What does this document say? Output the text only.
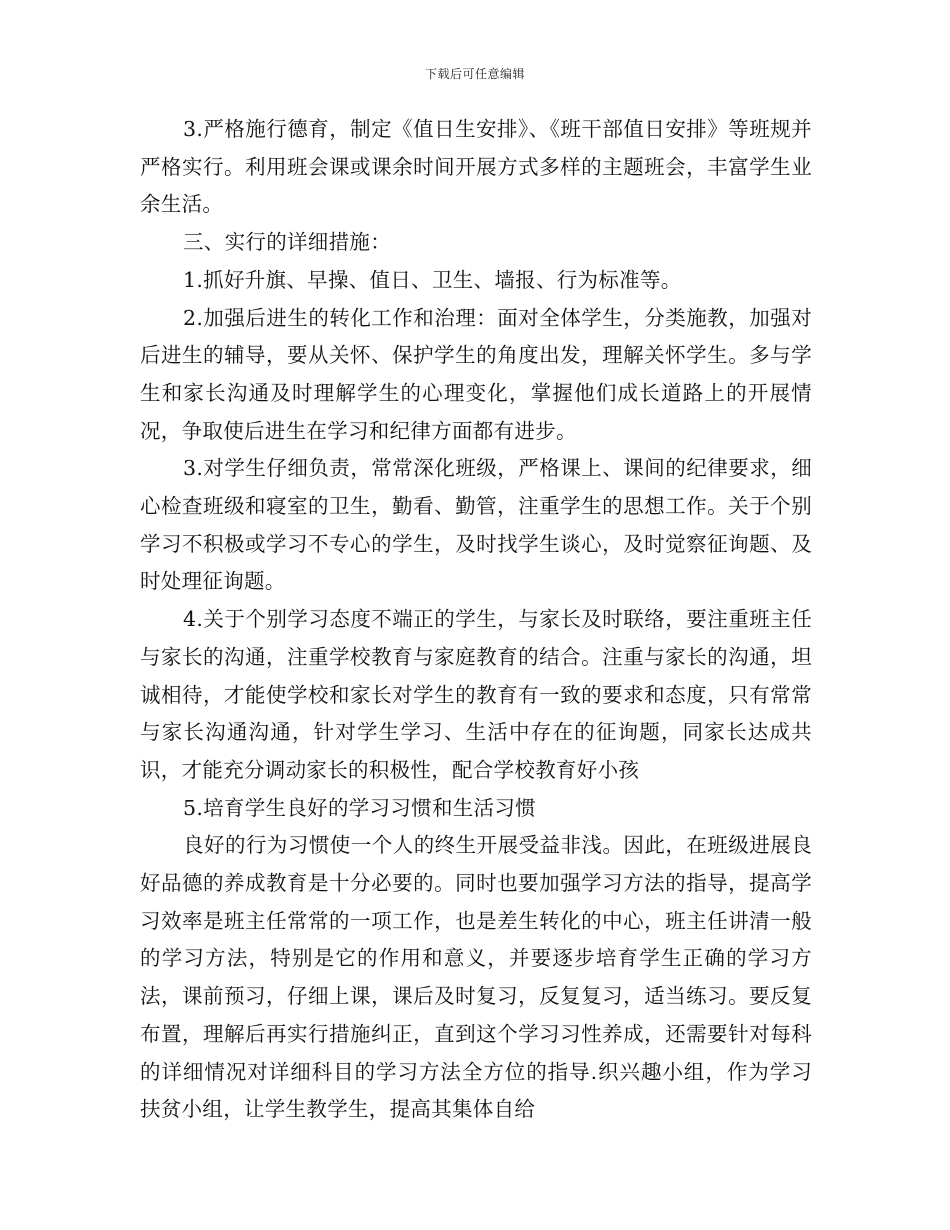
下载后可任意编辑

3.严格施行德育，制定《值日生安排》、《班干部值日安排》等班规并严格实行。利用班会课或课余时间开展方式多样的主题班会，丰富学生业余生活。

三、实行的详细措施：

1.抓好升旗、早操、值日、卫生、墙报、行为标准等。

2.加强后进生的转化工作和治理：面对全体学生，分类施教，加强对后进生的辅导，要从关怀、保护学生的角度出发，理解关怀学生。多与学生和家长沟通及时理解学生的心理变化，掌握他们成长道路上的开展情况，争取使后进生在学习和纪律方面都有进步。

3.对学生仔细负责，常常深化班级，严格课上、课间的纪律要求，细心检查班级和寝室的卫生，勤看、勤管，注重学生的思想工作。关于个别学习不积极或学习不专心的学生，及时找学生谈心，及时觉察征询题、及时处理征询题。

4.关于个别学习态度不端正的学生，与家长及时联络，要注重班主任与家长的沟通，注重学校教育与家庭教育的结合。注重与家长的沟通，坦诚相待，才能使学校和家长对学生的教育有一致的要求和态度，只有常常与家长沟通沟通，针对学生学习、生活中存在的征询题，同家长达成共识，才能充分调动家长的积极性，配合学校教育好小孩

5.培育学生良好的学习习惯和生活习惯

良好的行为习惯使一个人的终生开展受益非浅。因此，在班级进展良好品德的养成教育是十分必要的。同时也要加强学习方法的指导，提高学习效率是班主任常常的一项工作，也是差生转化的中心，班主任讲清一般的学习方法，特别是它的作用和意义，并要逐步培育学生正确的学习方法，课前预习，仔细上课，课后及时复习，反复复习，适当练习。要反复布置，理解后再实行措施纠正，直到这个学习习性养成，还需要针对每科的详细情况对详细科目的学习方法全方位的指导.织兴趣小组，作为学习扶贫小组，让学生教学生，提高其集体自给
